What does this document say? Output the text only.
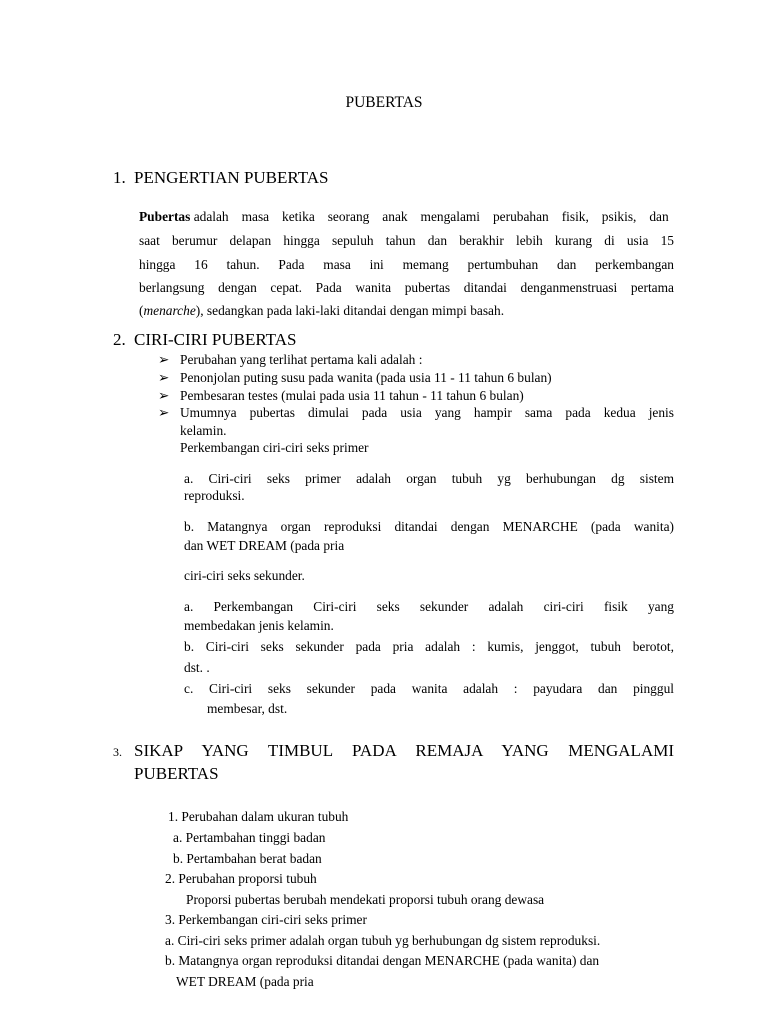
PUBERTAS
1. PENGERTIAN PUBERTAS
Pubertas adalah masa ketika seorang anak mengalami perubahan fisik, psikis, dan
saat berumur delapan hingga sepuluh tahun dan berakhir lebih kurang di usia 15
hingga 16 tahun. Pada masa ini memang pertumbuhan dan perkembangan
berlangsung dengan cepat. Pada wanita pubertas ditandai denganmenstruasi pertama
(menarche), sedangkan pada laki-laki ditandai dengan mimpi basah.
2. CIRI-CIRI PUBERTAS
➢ Perubahan yang terlihat pertama kali adalah :
➢ Penonjolan puting susu pada wanita (pada usia 11 - 11 tahun 6 bulan)
➢ Pembesaran testes (mulai pada usia 11 tahun - 11 tahun 6 bulan)
➢ Umumnya pubertas dimulai pada usia yang hampir sama pada kedua jenis
kelamin.
Perkembangan ciri-ciri seks primer
a. Ciri-ciri seks primer adalah organ tubuh yg berhubungan dg sistem
reproduksi.
b. Matangnya organ reproduksi ditandai dengan MENARCHE (pada wanita)
dan WET DREAM (pada pria
ciri-ciri seks sekunder.
a. Perkembangan Ciri-ciri seks sekunder adalah ciri-ciri fisik yang
membedakan jenis kelamin.
b. Ciri-ciri seks sekunder pada pria adalah : kumis, jenggot, tubuh berotot,
dst. .
c. Ciri-ciri seks sekunder pada wanita adalah : payudara dan pinggul
membesar, dst.
3. SIKAP YANG TIMBUL PADA REMAJA YANG MENGALAMI
PUBERTAS
1. Perubahan dalam ukuran tubuh
a. Pertambahan tinggi badan
b. Pertambahan berat badan
2. Perubahan proporsi tubuh
Proporsi pubertas berubah mendekati proporsi tubuh orang dewasa
3. Perkembangan ciri-ciri seks primer
a. Ciri-ciri seks primer adalah organ tubuh yg berhubungan dg sistem reproduksi.
b. Matangnya organ reproduksi ditandai dengan MENARCHE (pada wanita) dan
WET DREAM (pada pria
